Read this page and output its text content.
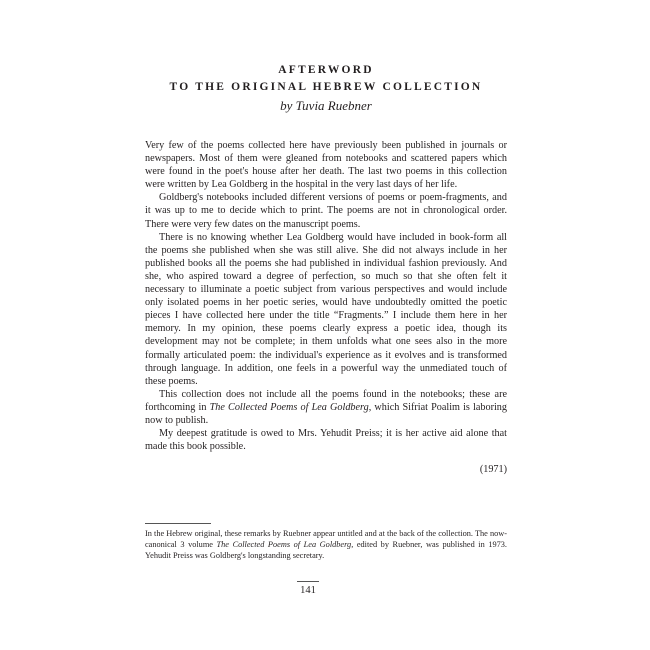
AFTERWORD
TO THE ORIGINAL HEBREW COLLECTION
by Tuvia Ruebner

Very few of the poems collected here have previously been published in journals or newspapers. Most of them were gleaned from notebooks and scattered papers which were found in the poet's house after her death. The last two poems in this collection were written by Lea Goldberg in the hospital in the very last days of her life.

Goldberg's notebooks included different versions of poems or poem-fragments, and it was up to me to decide which to print. The poems are not in chronological order. There were very few dates on the manuscript poems.

There is no knowing whether Lea Goldberg would have included in book-form all the poems she published when she was still alive. She did not always include in her published books all the poems she had published in individual fashion previously. And she, who aspired toward a degree of perfection, so much so that she often felt it necessary to illuminate a poetic subject from various perspectives and would include only isolated poems in her poetic series, would have undoubtedly omitted the poetic pieces I have collected here under the title “Fragments.” I include them here in her memory. In my opinion, these poems clearly express a poetic idea, though its development may not be complete; in them unfolds what one sees also in the more formally articulated poem: the individual's experience as it evolves and is transformed through language. In addition, one feels in a powerful way the unmediated touch of these poems.

This collection does not include all the poems found in the notebooks; these are forthcoming in The Collected Poems of Lea Goldberg, which Sifriat Poalim is laboring now to publish.

My deepest gratitude is owed to Mrs. Yehudit Preiss; it is her active aid alone that made this book possible.

(1971)

In the Hebrew original, these remarks by Ruebner appear untitled and at the back of the collection. The now-canonical 3 volume The Collected Poems of Lea Goldberg, edited by Ruebner, was published in 1973. Yehudit Preiss was Goldberg's longstanding secretary.

141
